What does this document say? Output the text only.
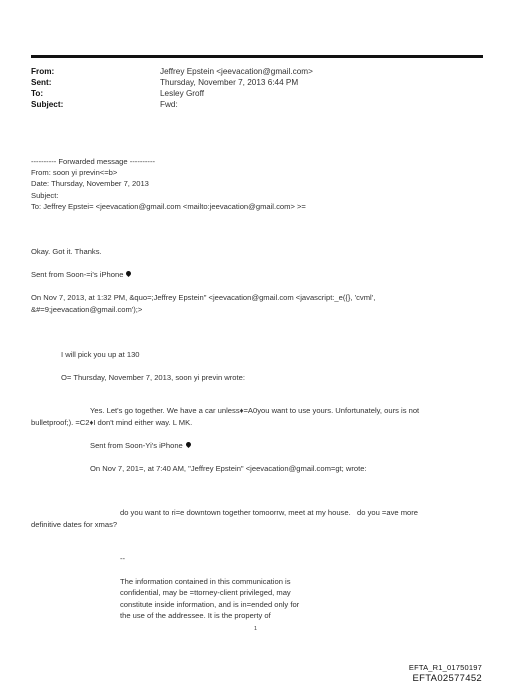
From:	Jeffrey Epstein <jeevacation@gmail.com>
Sent:	Thursday, November 7, 2013 6:44 PM
To:	Lesley Groff
Subject:	Fwd:
---------- Forwarded message ----------
From: soon yi previn<=b>
Date: Thursday, November 7, 2013
Subject:
To: Jeffrey Epstei= <jeevacation@gmail.com <mailto:jeevacation@gmail.com> >=
Okay. Got it. Thanks.
Sent from Soon-=i's iPhone
On Nov 7, 2013, at 1:32 PM, &quo=;Jeffrey Epstein" <jeevacation@gmail.com <javascript:_e({}, 'cvml',
&#=9;jeevacation@gmail.com');>
I will pick you up at 130
O= Thursday, November 7, 2013, soon yi previn wrote:
Yes. Let's go together. We have a car unless♦=A0you want to use yours. Unfortunately, ours is not
bulletproof;). =C2♦I don't mind either way. L MK.
Sent from Soon-Yi's iPhone
On Nov 7, 201=, at 7:40 AM, "Jeffrey Epstein" <jeevacation@gmail.com=gt; wrote:
do you want to ri=e downtown together tomoorrw, meet at my house.   do you =ave more
definitive dates for xmas?
--
The information contained in this communication is
confidential, may be =ttorney-client privileged, may
constitute inside information, and is in=ended only for
the use of the addressee. It is the property of
1
EFTA_R1_01750197
EFTA02577452
